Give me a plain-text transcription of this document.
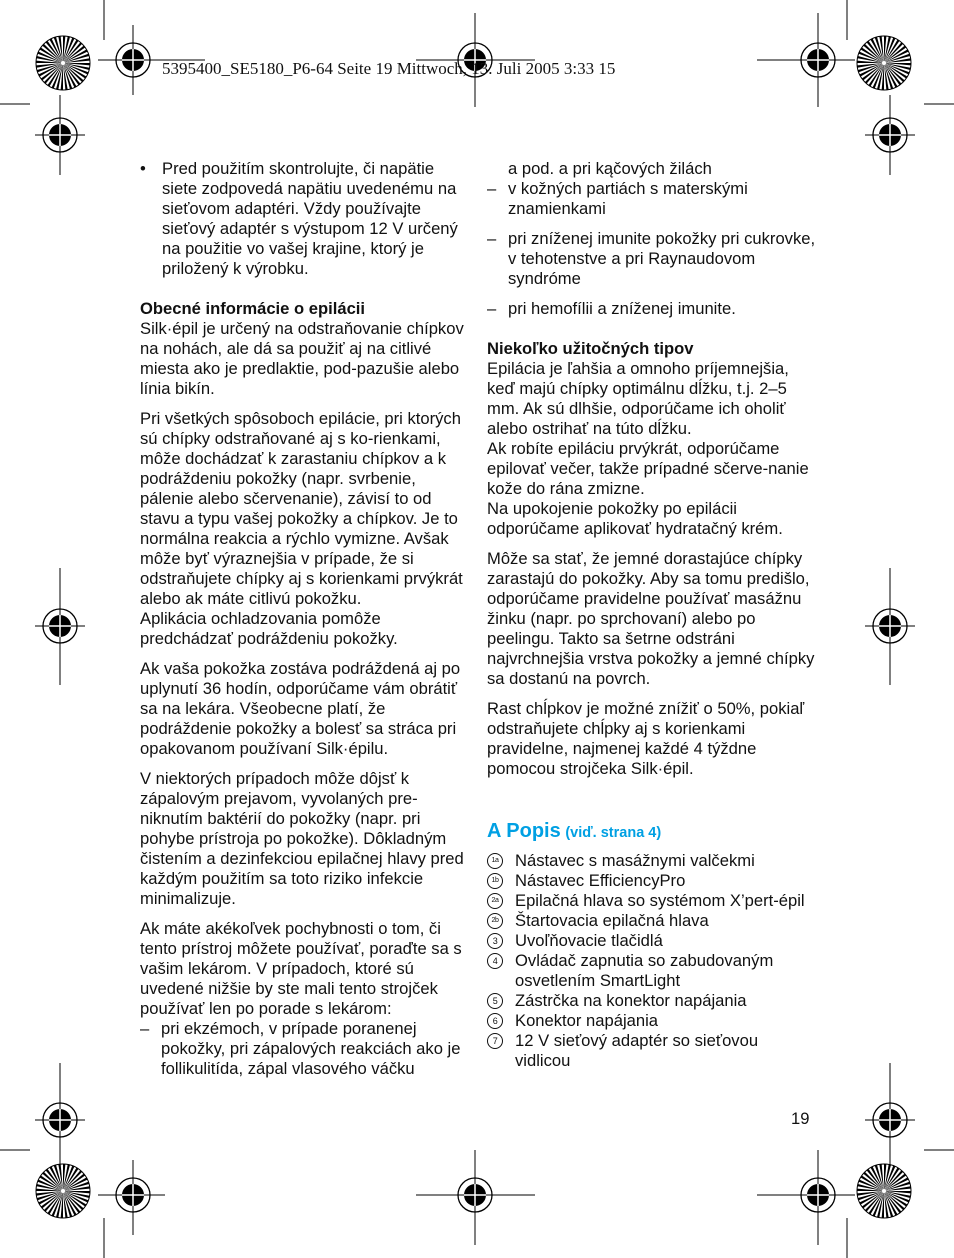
5395400_SE5180_P6-64 Seite 19 Mittwoch, 13. Juli 2005 3:33 15

• Pred použitím skontrolujte, či napätie siete zodpovedá napätiu uvedenému na sieťovom adaptéri. Vždy používajte sieťový adaptér s výstupom 12 V určený na použitie vo vašej krajine, ktorý je priložený k výrobku.

Obecné informácie o epilácii
Silk·épil je určený na odstraňovanie chípkov na nohách, ale dá sa použiť aj na citlivé miesta ako je predlaktie, pod-pazušie alebo línia bikín.

Pri všetkých spôsoboch epilácie, pri ktorých sú chípky odstraňované aj s ko-rienkami, môže dochádzať k zarastaniu chípkov a k podráždeniu pokožky (napr. svrbenie, pálenie alebo sčervenanie), závisí to od stavu a typu vašej pokožky a chípkov. Je to normálna reakcia a rýchlo vymizne. Avšak môže byť výraznejšia v prípade, že si odstraňujete chípky aj s korienkami prvýkrát alebo ak máte citlivú pokožku.
Aplikácia ochladzovania pomôže predchádzať podráždeniu pokožky.

Ak vaša pokožka zostáva podráždená aj po uplynutí 36 hodín, odporúčame vám obrátiť sa na lekára. Všeobecne platí, že podráždenie pokožky a bolesť sa stráca pri opakovanom používaní Silk·épilu.

V niektorých prípadoch môže dôjsť k zápalovým prejavom, vyvolaných pre-niknutím baktérií do pokožky (napr. pri pohybe prístroja po pokožke). Dôkladným čistením a dezinfekciou epilačnej hlavy pred každým použitím sa toto riziko infekcie minimalizuje.

Ak máte akékoľvek pochybnosti o tom, či tento prístroj môžete používať, poraďte sa s vašim lekárom. V prípadoch, ktoré sú uvedené nižšie by ste mali tento strojček používať len po porade s lekárom:

– pri ekzémoch, v prípade poranenej pokožky, pri zápalových reakciách ako je follikulitída, zápal vlasového váčku

a pod. a pri kąčových žilách

– v kožných partiách s materskými znamienkami

– pri zníženej imunite pokožky pri cukrovke, v tehotenstve a pri Raynaudovom syndróme

– pri hemofílii a zníženej imunite.

Niekoľko užitočných tipov
Epilácia je ľahšia a omnoho príjemnejšia, keď majú chípky optimálnu dĺžku, t.j. 2–5 mm. Ak sú dlhšie, odporúčame ich oholiť alebo ostrihať na túto dĺžku.
Ak robíte epiláciu prvýkrát, odporúčame epilovať večer, takže prípadné sčerve-nanie kože do rána zmizne.
Na upokojenie pokožky po epilácii odporúčame aplikovať hydratačný krém.

Môže sa stať, že jemné dorastajúce chípky zarastajú do pokožky. Aby sa tomu predišlo, odporúčame pravidelne používať masážnu žinku (napr. po sprchovaní) alebo po peelingu. Takto sa šetrne odstráni najvrchnejšia vrstva pokožky a jemné chípky sa dostanú na povrch.

Rast chĺpkov je možné znížiť o 50%, pokiaľ odstraňujete chĺpky aj s korienkami pravidelne, najmenej každé 4 týždne pomocou strojčeka Silk·épil.

A Popis (viď. strana 4)
1a Nástavec s masážnymi valčekmi
1b Nástavec EfficiencyPro
2a Epilačná hlava so systémom X’pert-épil
2b Štartovacia epilačná hlava
3	Uvoľňovacie tlačidlá
4	Ovládač zapnutia so zabudovaným osvetlením SmartLight
5	Zástrčka na konektor napájania
6	Konektor napájania
7	12 V sieťový adaptér so sieťovou vidlicou
19
